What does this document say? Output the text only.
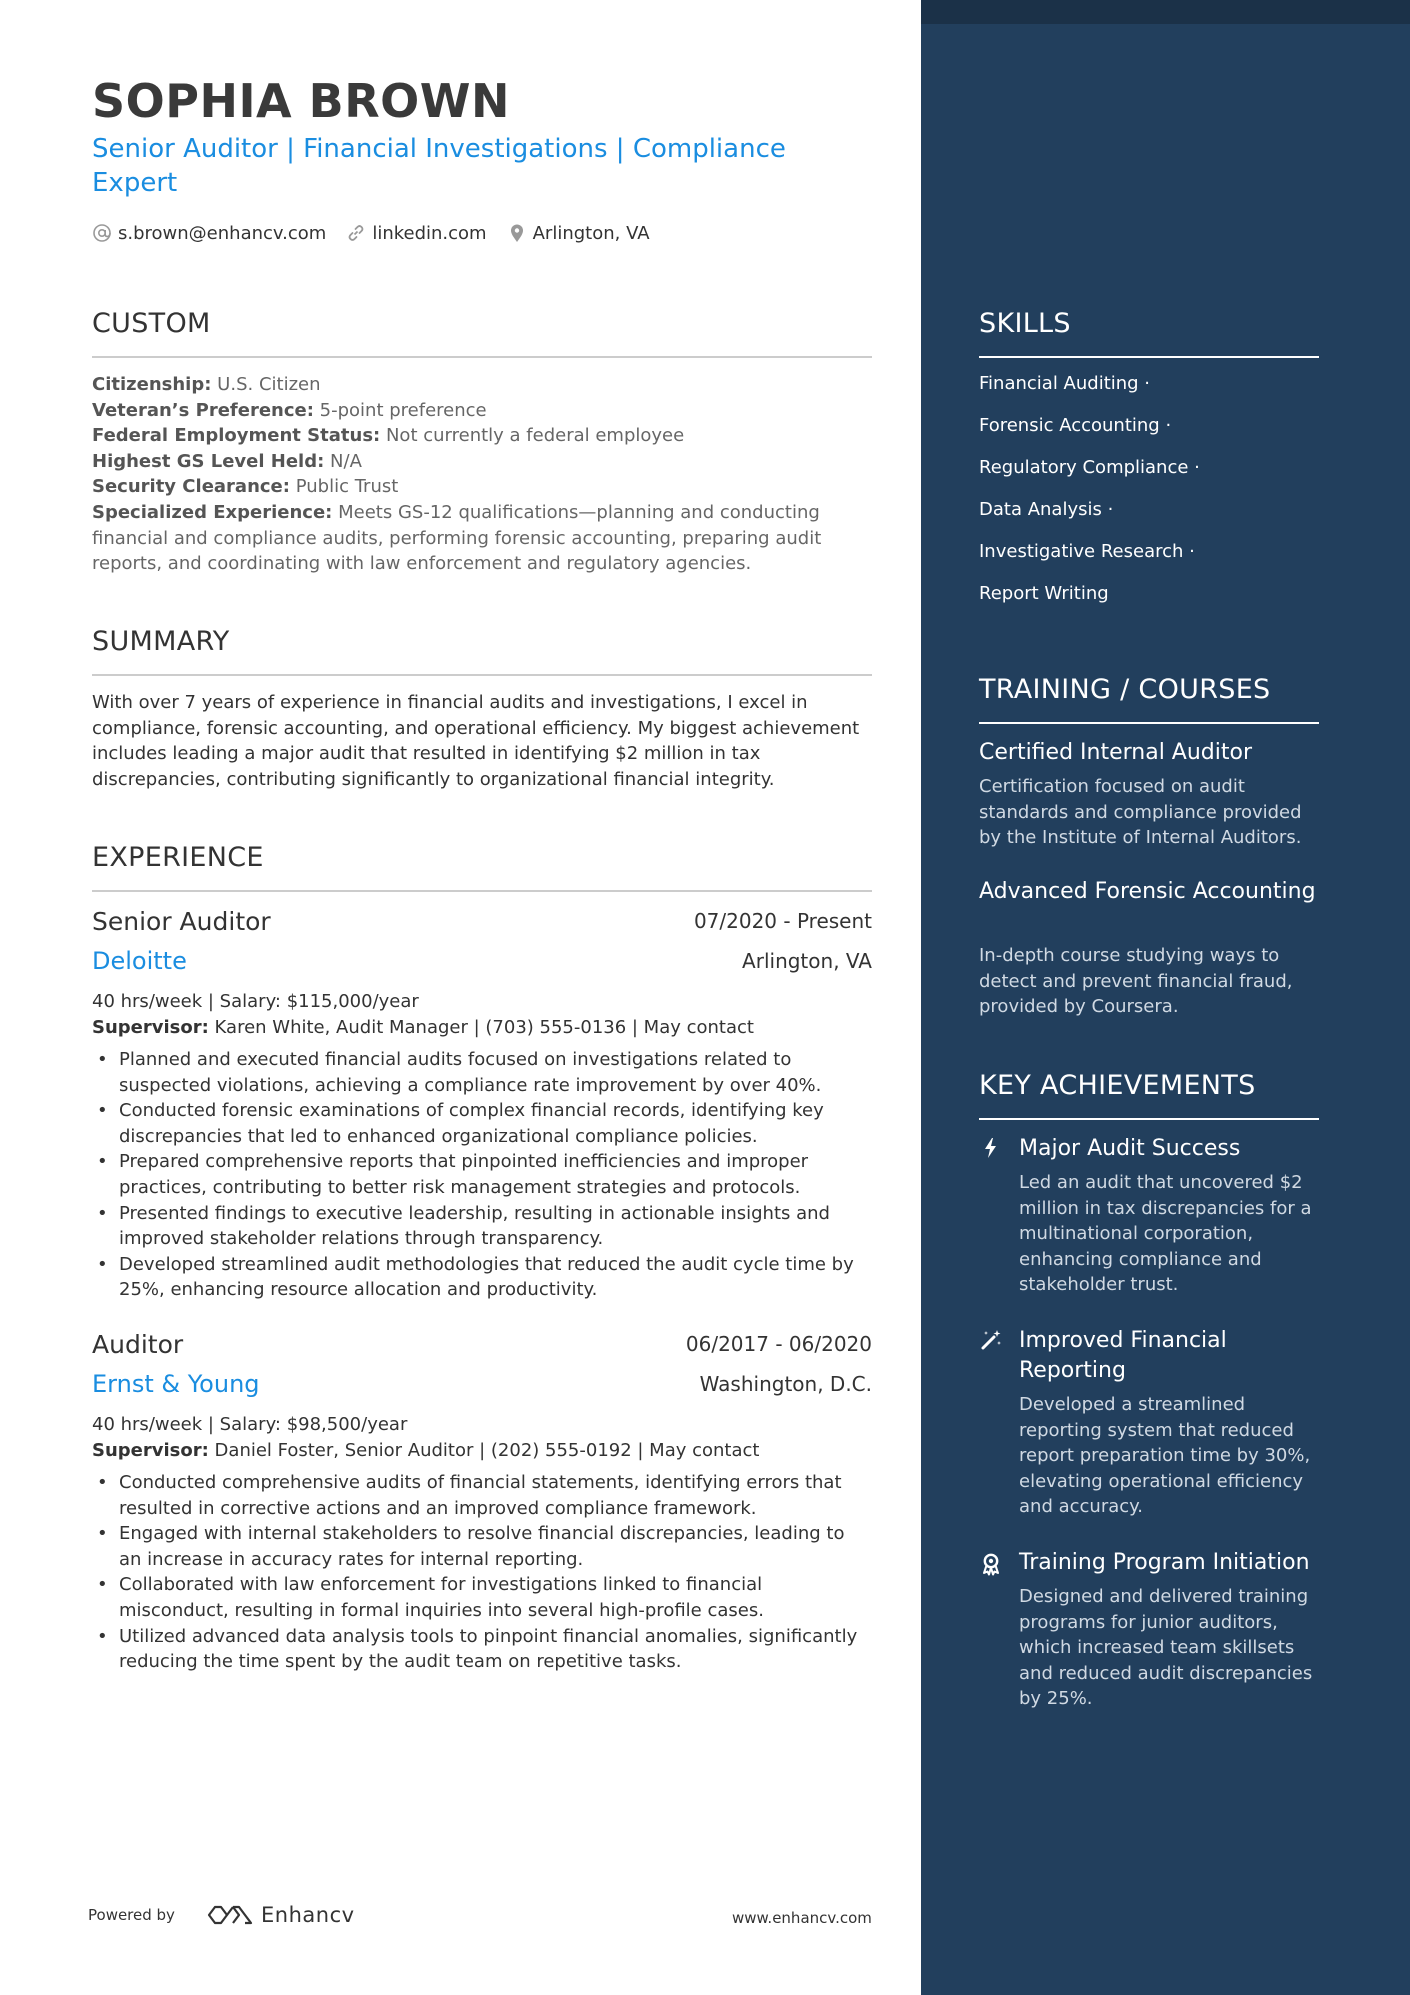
SOPHIA BROWN
Senior Auditor | Financial Investigations | Compliance Expert
s.brown@enhancv.com	linkedin.com	Arlington, VA
CUSTOM
Citizenship: U.S. Citizen
Veteran’s Preference: 5-point preference
Federal Employment Status: Not currently a federal employee
Highest GS Level Held: N/A
Security Clearance: Public Trust
Specialized Experience: Meets GS-12 qualifications—planning and conducting financial and compliance audits, performing forensic accounting, preparing audit reports, and coordinating with law enforcement and regulatory agencies.
SUMMARY
With over 7 years of experience in financial audits and investigations, I excel in compliance, forensic accounting, and operational efficiency. My biggest achievement includes leading a major audit that resulted in identifying $2 million in tax discrepancies, contributing significantly to organizational financial integrity.
EXPERIENCE
Senior Auditor	07/2020 - Present
Deloitte	Arlington, VA
40 hrs/week | Salary: $115,000/year
Supervisor: Karen White, Audit Manager | (703) 555-0136 | May contact
• Planned and executed financial audits focused on investigations related to suspected violations, achieving a compliance rate improvement by over 40%.
• Conducted forensic examinations of complex financial records, identifying key discrepancies that led to enhanced organizational compliance policies.
• Prepared comprehensive reports that pinpointed inefficiencies and improper practices, contributing to better risk management strategies and protocols.
• Presented findings to executive leadership, resulting in actionable insights and improved stakeholder relations through transparency.
• Developed streamlined audit methodologies that reduced the audit cycle time by 25%, enhancing resource allocation and productivity.
Auditor	06/2017 - 06/2020
Ernst & Young	Washington, D.C.
40 hrs/week | Salary: $98,500/year
Supervisor: Daniel Foster, Senior Auditor | (202) 555-0192 | May contact
• Conducted comprehensive audits of financial statements, identifying errors that resulted in corrective actions and an improved compliance framework.
• Engaged with internal stakeholders to resolve financial discrepancies, leading to an increase in accuracy rates for internal reporting.
• Collaborated with law enforcement for investigations linked to financial misconduct, resulting in formal inquiries into several high-profile cases.
• Utilized advanced data analysis tools to pinpoint financial anomalies, significantly reducing the time spent by the audit team on repetitive tasks.
Powered by	Enhancv	www.enhancv.com
SKILLS
Financial Auditing ·
Forensic Accounting ·
Regulatory Compliance ·
Data Analysis ·
Investigative Research ·
Report Writing
TRAINING / COURSES
Certified Internal Auditor
Certification focused on audit standards and compliance provided by the Institute of Internal Auditors.
Advanced Forensic Accounting
In-depth course studying ways to detect and prevent financial fraud, provided by Coursera.
KEY ACHIEVEMENTS
Major Audit Success
Led an audit that uncovered $2 million in tax discrepancies for a multinational corporation, enhancing compliance and stakeholder trust.
Improved Financial Reporting
Developed a streamlined reporting system that reduced report preparation time by 30%, elevating operational efficiency and accuracy.
Training Program Initiation
Designed and delivered training programs for junior auditors, which increased team skillsets and reduced audit discrepancies by 25%.
